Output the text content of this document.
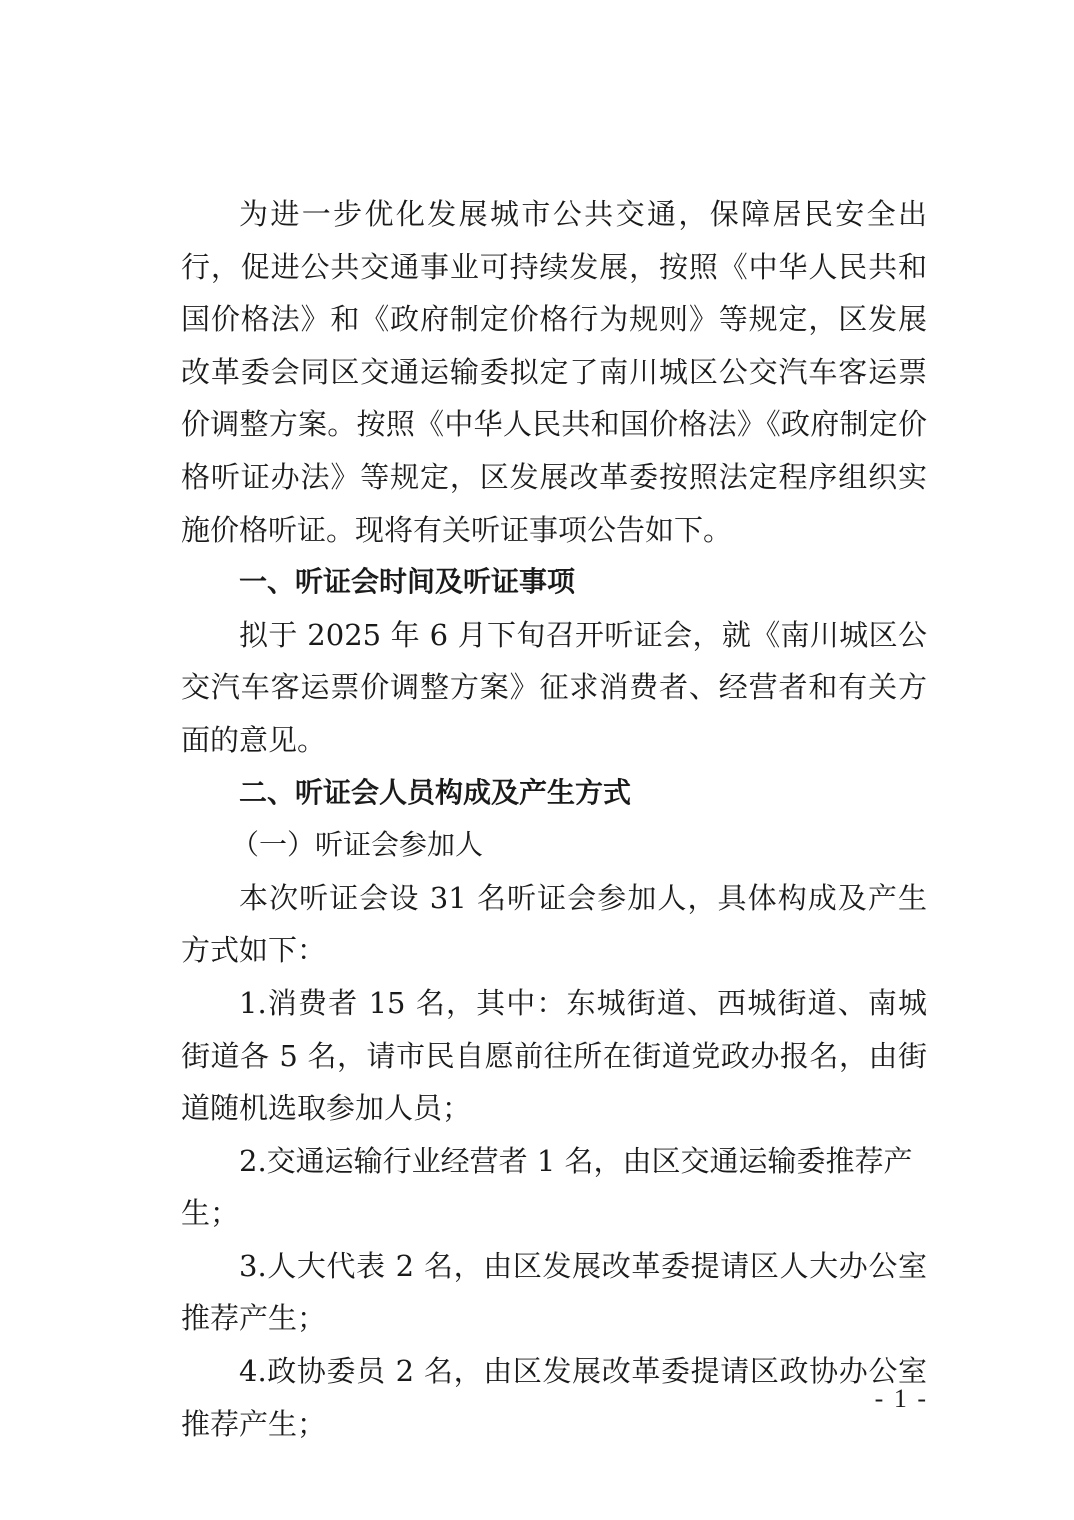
为进一步优化发展城市公共交通，保障居民安全出行，促进公共交通事业可持续发展，按照《中华人民共和国价格法》和《政府制定价格行为规则》等规定，区发展改革委会同区交通运输委拟定了南川城区公交汽车客运票价调整方案。按照《中华人民共和国价格法》《政府制定价格听证办法》等规定，区发展改革委按照法定程序组织实施价格听证。现将有关听证事项公告如下。

一、听证会时间及听证事项

拟于 2025 年 6 月下旬召开听证会，就《南川城区公交汽车客运票价调整方案》征求消费者、经营者和有关方面的意见。

二、听证会人员构成及产生方式

（一）听证会参加人

本次听证会设 31 名听证会参加人，具体构成及产生方式如下：

1.消费者 15 名，其中：东城街道、西城街道、南城街道各 5 名，请市民自愿前往所在街道党政办报名，由街道随机选取参加人员；

2.交通运输行业经营者 1 名，由区交通运输委推荐产生；

3.人大代表 2 名，由区发展改革委提请区人大办公室推荐产生；

4.政协委员 2 名，由区发展改革委提请区政协办公室推荐产生；

- 1 -
